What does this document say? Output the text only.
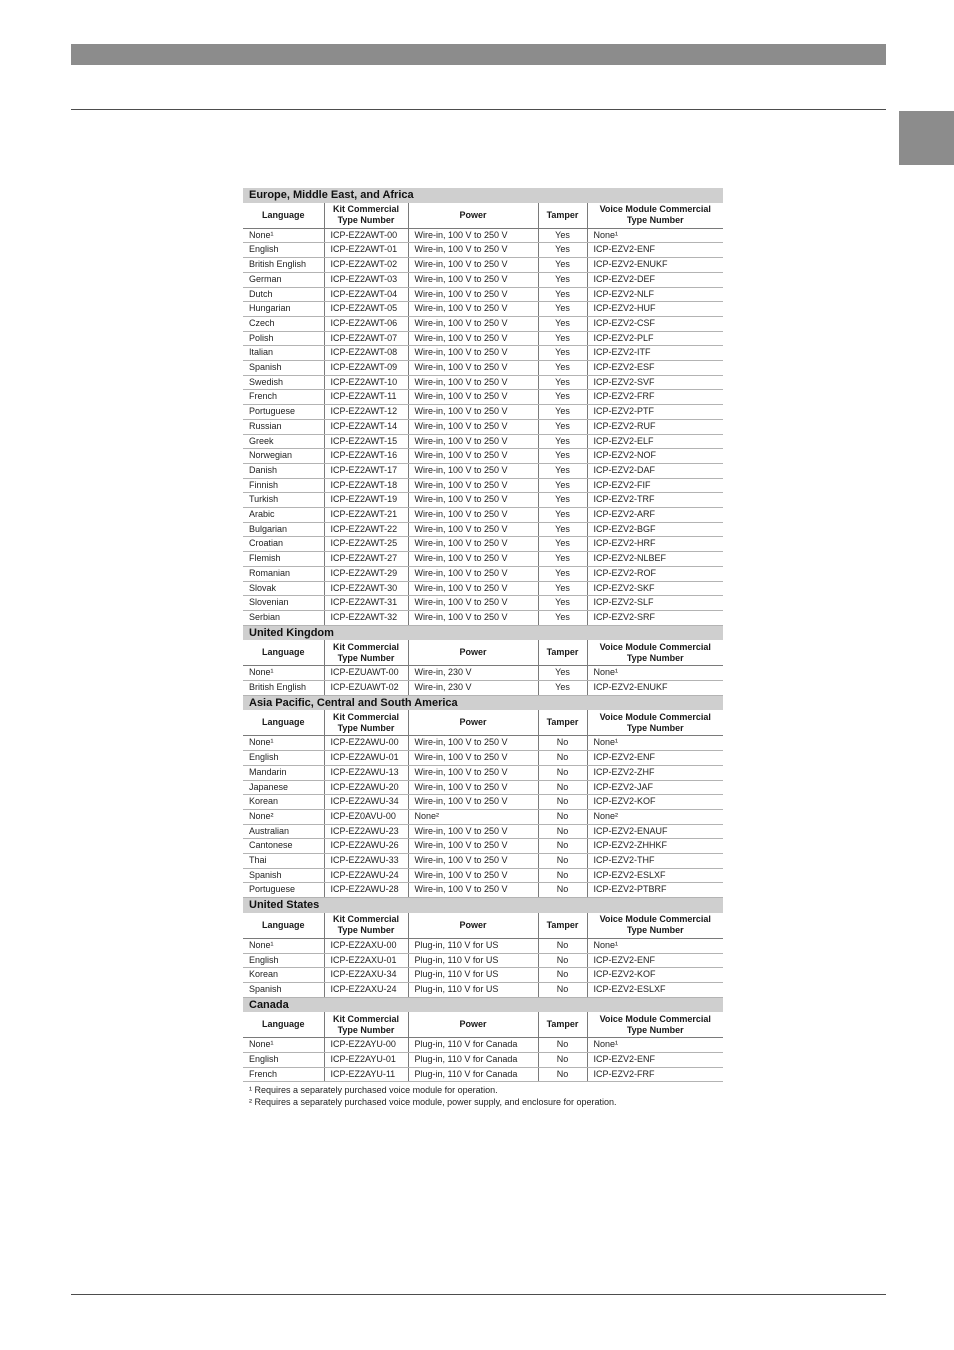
Europe, Middle East, and Africa
Language	Kit Commercial Type Number	Power	Tamper	Voice Module Commercial Type Number
None¹	ICP-EZ2AWT-00	Wire-in, 100 V to 250 V	Yes	None¹
English	ICP-EZ2AWT-01	Wire-in, 100 V to 250 V	Yes	ICP-EZV2-ENF
British English	ICP-EZ2AWT-02	Wire-in, 100 V to 250 V	Yes	ICP-EZV2-ENUKF
German	ICP-EZ2AWT-03	Wire-in, 100 V to 250 V	Yes	ICP-EZV2-DEF
Dutch	ICP-EZ2AWT-04	Wire-in, 100 V to 250 V	Yes	ICP-EZV2-NLF
Hungarian	ICP-EZ2AWT-05	Wire-in, 100 V to 250 V	Yes	ICP-EZV2-HUF
Czech	ICP-EZ2AWT-06	Wire-in, 100 V to 250 V	Yes	ICP-EZV2-CSF
Polish	ICP-EZ2AWT-07	Wire-in, 100 V to 250 V	Yes	ICP-EZV2-PLF
Italian	ICP-EZ2AWT-08	Wire-in, 100 V to 250 V	Yes	ICP-EZV2-ITF
Spanish	ICP-EZ2AWT-09	Wire-in, 100 V to 250 V	Yes	ICP-EZV2-ESF
Swedish	ICP-EZ2AWT-10	Wire-in, 100 V to 250 V	Yes	ICP-EZV2-SVF
French	ICP-EZ2AWT-11	Wire-in, 100 V to 250 V	Yes	ICP-EZV2-FRF
Portuguese	ICP-EZ2AWT-12	Wire-in, 100 V to 250 V	Yes	ICP-EZV2-PTF
Russian	ICP-EZ2AWT-14	Wire-in, 100 V to 250 V	Yes	ICP-EZV2-RUF
Greek	ICP-EZ2AWT-15	Wire-in, 100 V to 250 V	Yes	ICP-EZV2-ELF
Norwegian	ICP-EZ2AWT-16	Wire-in, 100 V to 250 V	Yes	ICP-EZV2-NOF
Danish	ICP-EZ2AWT-17	Wire-in, 100 V to 250 V	Yes	ICP-EZV2-DAF
Finnish	ICP-EZ2AWT-18	Wire-in, 100 V to 250 V	Yes	ICP-EZV2-FIF
Turkish	ICP-EZ2AWT-19	Wire-in, 100 V to 250 V	Yes	ICP-EZV2-TRF
Arabic	ICP-EZ2AWT-21	Wire-in, 100 V to 250 V	Yes	ICP-EZV2-ARF
Bulgarian	ICP-EZ2AWT-22	Wire-in, 100 V to 250 V	Yes	ICP-EZV2-BGF
Croatian	ICP-EZ2AWT-25	Wire-in, 100 V to 250 V	Yes	ICP-EZV2-HRF
Flemish	ICP-EZ2AWT-27	Wire-in, 100 V to 250 V	Yes	ICP-EZV2-NLBEF
Romanian	ICP-EZ2AWT-29	Wire-in, 100 V to 250 V	Yes	ICP-EZV2-ROF
Slovak	ICP-EZ2AWT-30	Wire-in, 100 V to 250 V	Yes	ICP-EZV2-SKF
Slovenian	ICP-EZ2AWT-31	Wire-in, 100 V to 250 V	Yes	ICP-EZV2-SLF
Serbian	ICP-EZ2AWT-32	Wire-in, 100 V to 250 V	Yes	ICP-EZV2-SRF
United Kingdom
Language	Kit Commercial Type Number	Power	Tamper	Voice Module Commercial Type Number
None¹	ICP-EZUAWT-00	Wire-in, 230 V	Yes	None¹
British English	ICP-EZUAWT-02	Wire-in, 230 V	Yes	ICP-EZV2-ENUKF
Asia Pacific, Central and South America
Language	Kit Commercial Type Number	Power	Tamper	Voice Module Commercial Type Number
None¹	ICP-EZ2AWU-00	Wire-in, 100 V to 250 V	No	None¹
English	ICP-EZ2AWU-01	Wire-in, 100 V to 250 V	No	ICP-EZV2-ENF
Mandarin	ICP-EZ2AWU-13	Wire-in, 100 V to 250 V	No	ICP-EZV2-ZHF
Japanese	ICP-EZ2AWU-20	Wire-in, 100 V to 250 V	No	ICP-EZV2-JAF
Korean	ICP-EZ2AWU-34	Wire-in, 100 V to 250 V	No	ICP-EZV2-KOF
None²	ICP-EZ0AVU-00	None²	No	None²
Australian	ICP-EZ2AWU-23	Wire-in, 100 V to 250 V	No	ICP-EZV2-ENAUF
Cantonese	ICP-EZ2AWU-26	Wire-in, 100 V to 250 V	No	ICP-EZV2-ZHHKF
Thai	ICP-EZ2AWU-33	Wire-in, 100 V to 250 V	No	ICP-EZV2-THF
Spanish	ICP-EZ2AWU-24	Wire-in, 100 V to 250 V	No	ICP-EZV2-ESLXF
Portuguese	ICP-EZ2AWU-28	Wire-in, 100 V to 250 V	No	ICP-EZV2-PTBRF
United States
Language	Kit Commercial Type Number	Power	Tamper	Voice Module Commercial Type Number
None¹	ICP-EZ2AXU-00	Plug-in, 110 V for US	No	None¹
English	ICP-EZ2AXU-01	Plug-in, 110 V for US	No	ICP-EZV2-ENF
Korean	ICP-EZ2AXU-34	Plug-in, 110 V for US	No	ICP-EZV2-KOF
Spanish	ICP-EZ2AXU-24	Plug-in, 110 V for US	No	ICP-EZV2-ESLXF
Canada
Language	Kit Commercial Type Number	Power	Tamper	Voice Module Commercial Type Number
None¹	ICP-EZ2AYU-00	Plug-in, 110 V for Canada	No	None¹
English	ICP-EZ2AYU-01	Plug-in, 110 V for Canada	No	ICP-EZV2-ENF
French	ICP-EZ2AYU-11	Plug-in, 110 V for Canada	No	ICP-EZV2-FRF
¹ Requires a separately purchased voice module for operation.
² Requires a separately purchased voice module, power supply, and enclosure for operation.
